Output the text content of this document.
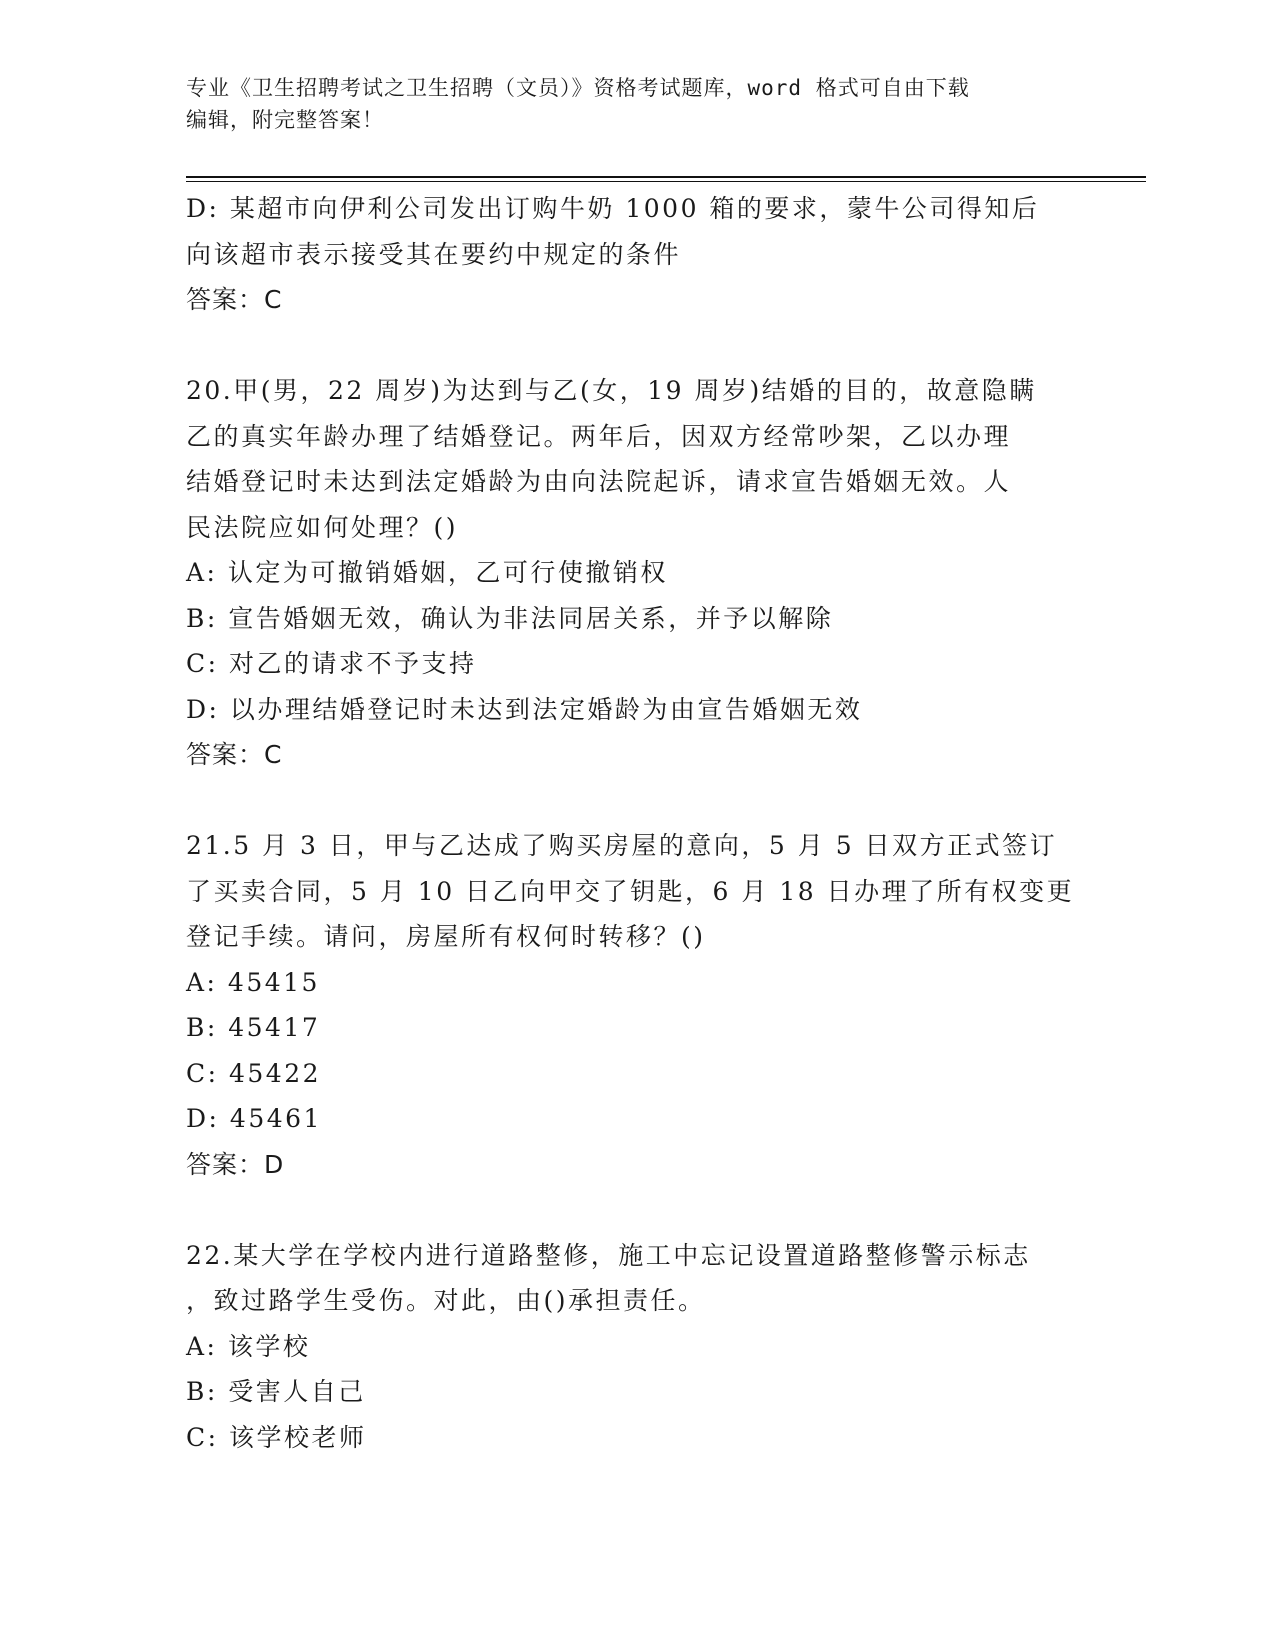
专业《卫生招聘考试之卫生招聘（文员）》资格考试题库，word 格式可自由下载
编辑，附完整答案！
D: 某超市向伊利公司发出订购牛奶 1000 箱的要求，蒙牛公司得知后
向该超市表示接受其在要约中规定的条件
答案：C
20.甲(男，22 周岁)为达到与乙(女，19 周岁)结婚的目的，故意隐瞒
乙的真实年龄办理了结婚登记。两年后，因双方经常吵架，乙以办理
结婚登记时未达到法定婚龄为由向法院起诉，请求宣告婚姻无效。人
民法院应如何处理？()
A: 认定为可撤销婚姻，乙可行使撤销权
B: 宣告婚姻无效，确认为非法同居关系，并予以解除
C: 对乙的请求不予支持
D: 以办理结婚登记时未达到法定婚龄为由宣告婚姻无效
答案：C
21.5 月 3 日，甲与乙达成了购买房屋的意向，5 月 5 日双方正式签订
了买卖合同，5 月 10 日乙向甲交了钥匙，6 月 18 日办理了所有权变更
登记手续。请问，房屋所有权何时转移？()
A: 45415
B: 45417
C: 45422
D: 45461
答案：D
22.某大学在学校内进行道路整修，施工中忘记设置道路整修警示标志
，致过路学生受伤。对此，由()承担责任。
A: 该学校
B: 受害人自己
C: 该学校老师
